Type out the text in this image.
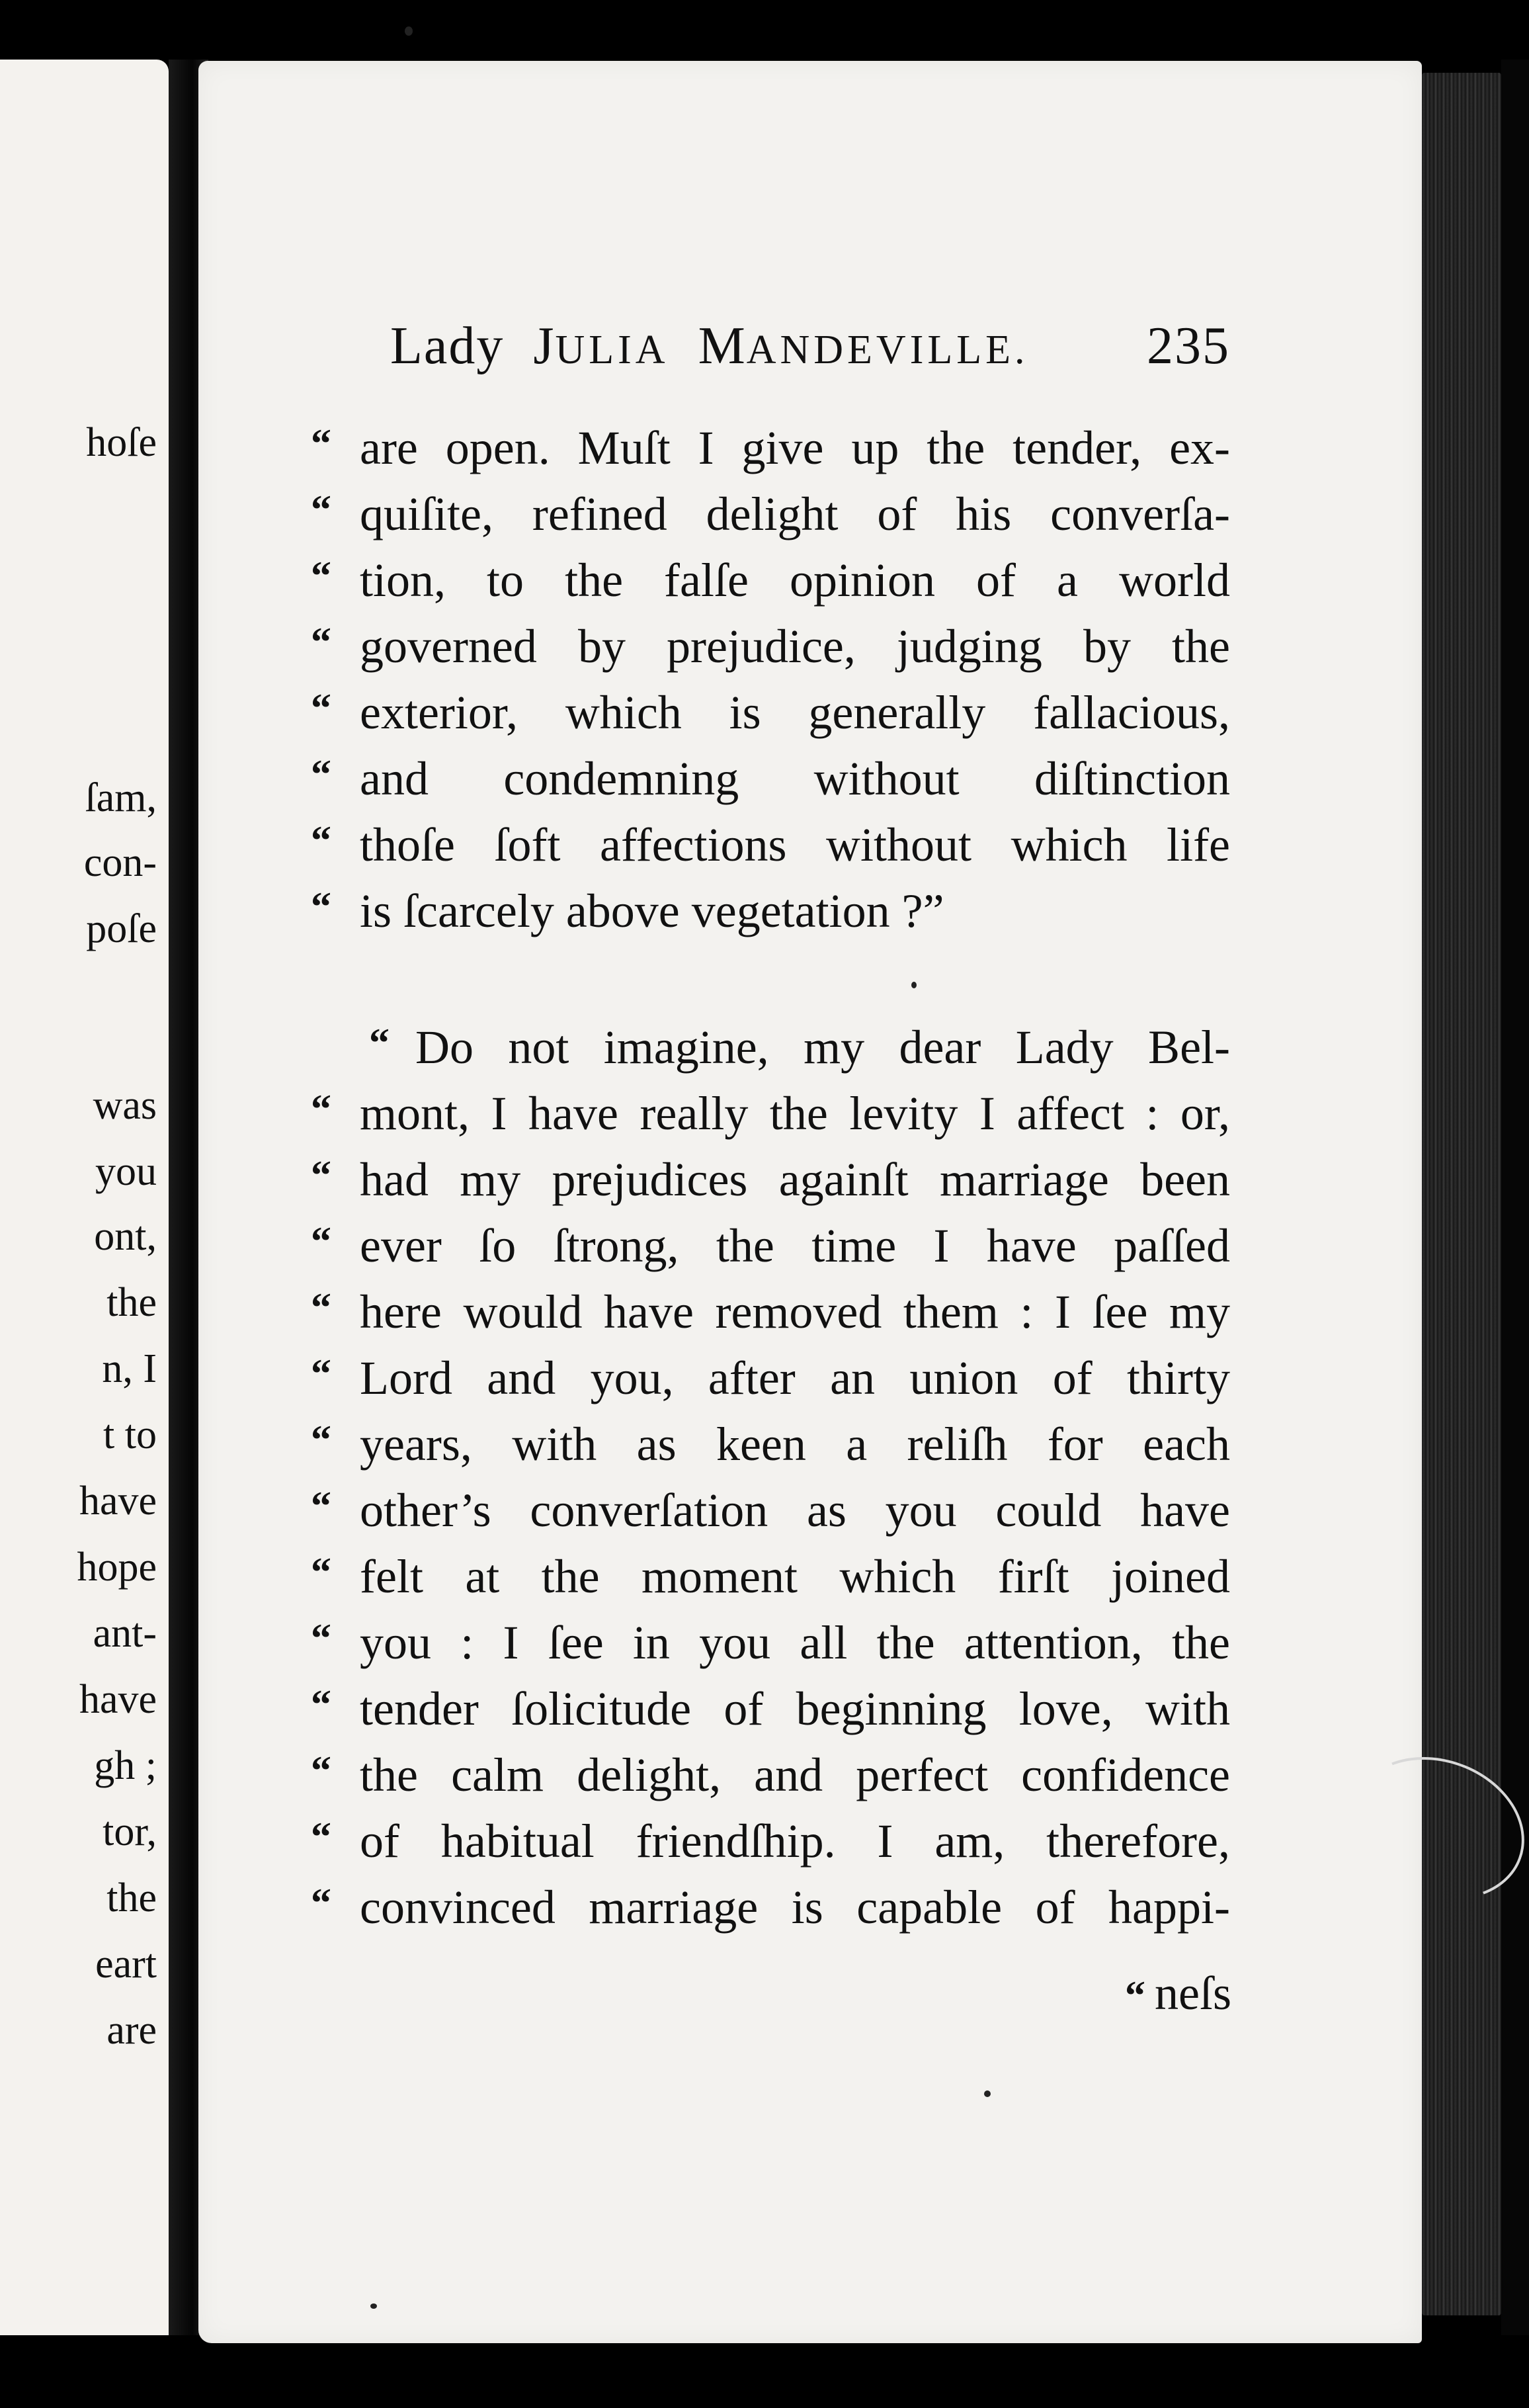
hoſe
ſam,
con-
poſe
was
you
ont,
the
n, I
t to
have
hope
ant-
have
gh ;
tor,
the
eart
are
Lady JULIA MANDEVILLE. 235
“ are open. Muſt I give up the tender, ex-
“ quiſite, refined delight of his converſa-
“ tion, to the falſe opinion of a world
“ governed by prejudice, judging by the
“ exterior, which is generally fallacious,
“ and condemning without diſtinction
“ thoſe ſoft affections without which life
“ is ſcarcely above vegetation ?”
“ Do not imagine, my dear Lady Bel-
“ mont, I have really the levity I affect : or,
“ had my prejudices againſt marriage been
“ ever ſo ſtrong, the time I have paſſed
“ here would have removed them : I ſee my
“ Lord and you, after an union of thirty
“ years, with as keen a reliſh for each
“ other’s converſation as you could have
“ felt at the moment which firſt joined
“ you : I ſee in you all the attention, the
“ tender ſolicitude of beginning love, with
“ the calm delight, and perfect confidence
“ of habitual friendſhip. I am, therefore,
“ convinced marriage is capable of happi-
“ neſs
